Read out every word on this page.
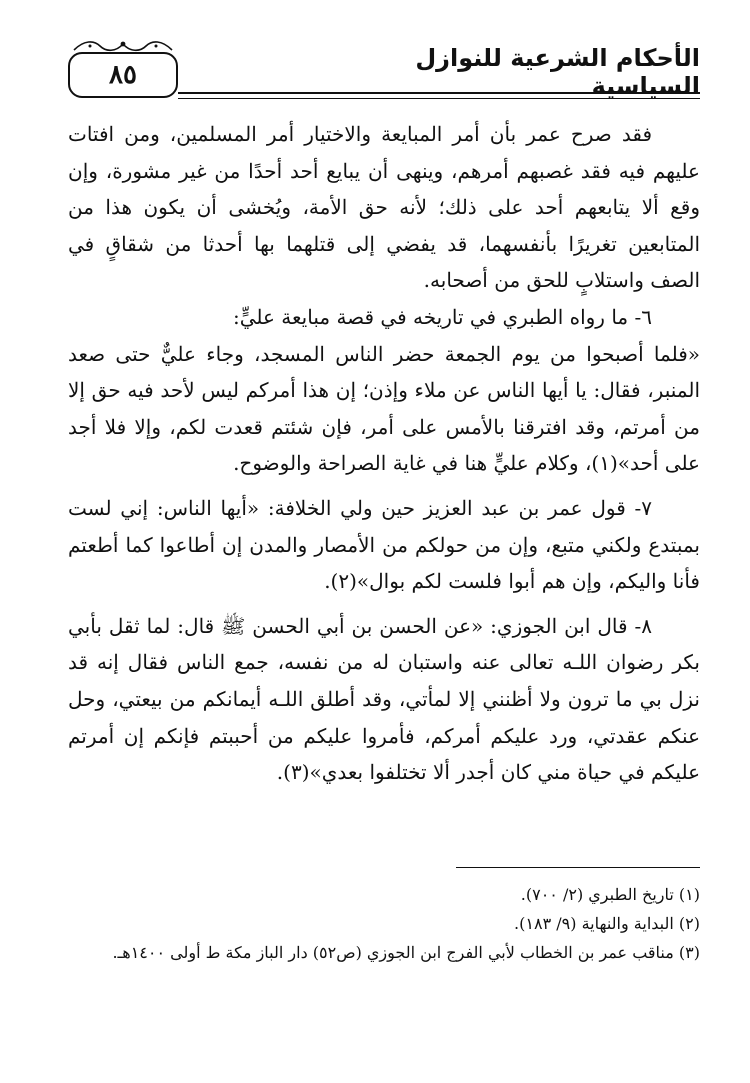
٨٥
الأحكام الشرعية للنوازل السياسية

فقد صرح عمر بأن أمر المبايعة والاختيار أمر المسلمين، ومن افتات عليهم فيه فقد غصبهم أمرهم، وينهى أن يبايع أحد أحدًا من غير مشورة، وإن وقع ألا يتابعهم أحد على ذلك؛ لأنه حق الأمة، ويُخشى أن يكون هذا من المتابعين تغريرًا بأنفسهما، قد يفضي إلى قتلهما بها أحدثا من شقاقٍ في الصف واستلابٍ للحق من أصحابه.

٦- ما رواه الطبري في تاريخه في قصة مبايعة عليٍّ:

«فلما أصبحوا من يوم الجمعة حضر الناس المسجد، وجاء عليٌّ حتى صعد المنبر، فقال: يا أيها الناس عن ملاء وإذن؛ إن هذا أمركم ليس لأحد فيه حق إلا من أمرتم، وقد افترقنا بالأمس على أمر، فإن شئتم قعدت لكم، وإلا فلا أجد على أحد»(١)، وكلام عليٍّ هنا في غاية الصراحة والوضوح.

٧- قول عمر بن عبد العزيز حين ولي الخلافة: «أيها الناس: إني لست بمبتدع ولكني متبع، وإن من حولكم من الأمصار والمدن إن أطاعوا كما أطعتم فأنا واليكم، وإن هم أبوا فلست لكم بوال»(٢).

٨- قال ابن الجوزي: «عن الحسن بن أبي الحسن ﷺ قال: لما ثقل بأبي بكر رضوان اللـه تعالى عنه واستبان له من نفسه، جمع الناس فقال إنه قد نزل بي ما ترون ولا أظنني إلا لمأتي، وقد أطلق اللـه أيمانكم من بيعتي، وحل عنكم عقدتي، ورد عليكم أمركم، فأمروا عليكم من أحببتم فإنكم إن أمرتم عليكم في حياة مني كان أجدر ألا تختلفوا بعدي»(٣).

(١) تاريخ الطبري (٢/ ٧٠٠).
(٢) البداية والنهاية (٩/ ١٨٣).
(٣) مناقب عمر بن الخطاب لأبي الفرج ابن الجوزي (ص٥٢) دار الباز مكة ط أولى ١٤٠٠هـ.
